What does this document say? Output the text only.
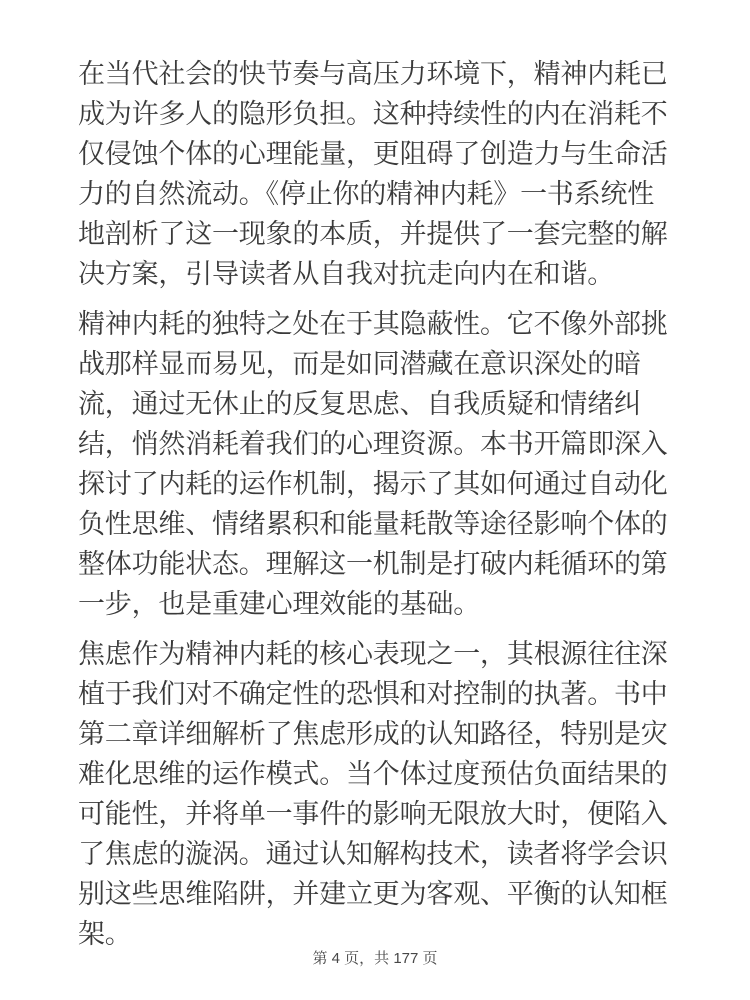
在当代社会的快节奏与高压力环境下，精神内耗已
成为许多人的隐形负担。这种持续性的内在消耗不
仅侵蚀个体的心理能量，更阻碍了创造力与生命活
力的自然流动。《停止你的精神内耗》一书系统性
地剖析了这一现象的本质，并提供了一套完整的解
决方案，引导读者从自我对抗走向内在和谐。
精神内耗的独特之处在于其隐蔽性。它不像外部挑
战那样显而易见，而是如同潜藏在意识深处的暗
流，通过无休止的反复思虑、自我质疑和情绪纠
结，悄然消耗着我们的心理资源。本书开篇即深入
探讨了内耗的运作机制，揭示了其如何通过自动化
负性思维、情绪累积和能量耗散等途径影响个体的
整体功能状态。理解这一机制是打破内耗循环的第
一步，也是重建心理效能的基础。
焦虑作为精神内耗的核心表现之一，其根源往往深
植于我们对不确定性的恐惧和对控制的执著。书中
第二章详细解析了焦虑形成的认知路径，特别是灾
难化思维的运作模式。当个体过度预估负面结果的
可能性，并将单一事件的影响无限放大时，便陷入
了焦虑的漩涡。通过认知解构技术，读者将学会识
别这些思维陷阱，并建立更为客观、平衡的认知框
架。
第 4 页，共 177 页
